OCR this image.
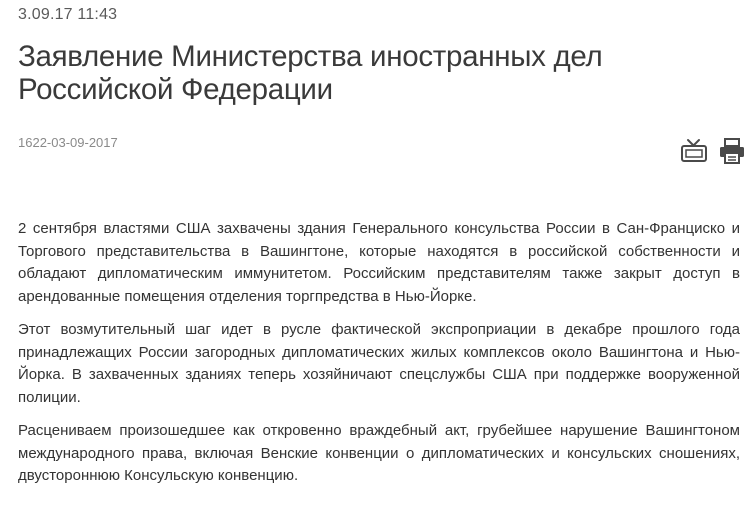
3.09.17 11:43
Заявление Министерства иностранных дел Российской Федерации
1622-03-09-2017

2 сентября властями США захвачены здания Генерального консульства России в Сан-Франциско и Торгового представительства в Вашингтоне, которые находятся в российской собственности и обладают дипломатическим иммунитетом. Российским представителям также закрыт доступ в арендованные помещения отделения торгпредства в Нью-Йорке.

Этот возмутительный шаг идет в русле фактической экспроприации в декабре прошлого года принадлежащих России загородных дипломатических жилых комплексов около Вашингтона и Нью-Йорка. В захваченных зданиях теперь хозяйничают спецслужбы США при поддержке вооруженной полиции.

Расцениваем произошедшее как откровенно враждебный акт, грубейшее нарушение Вашингтоном международного права, включая Венские конвенции о дипломатических и консульских сношениях, двустороннюю Консульскую конвенцию.
